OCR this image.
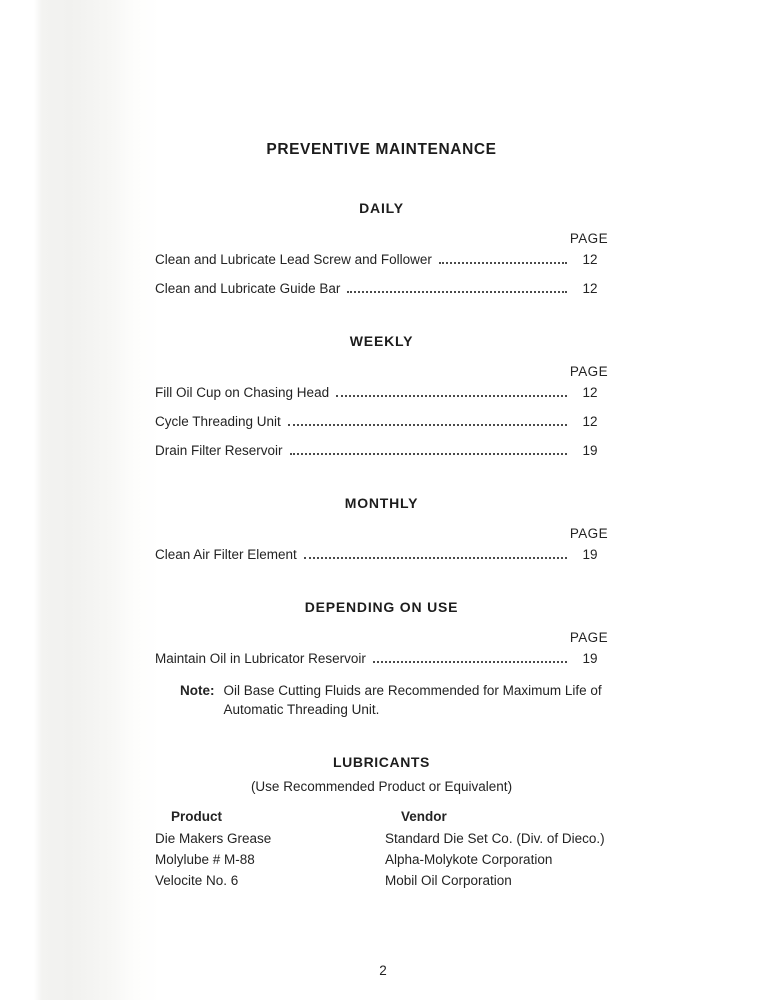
PREVENTIVE MAINTENANCE
DAILY
PAGE
Clean and Lubricate Lead Screw and Follower	12
Clean and Lubricate Guide Bar	12
WEEKLY
PAGE
Fill Oil Cup on Chasing Head	12
Cycle Threading Unit	12
Drain Filter Reservoir	19
MONTHLY
PAGE
Clean Air Filter Element	19
DEPENDING ON USE
PAGE
Maintain Oil in Lubricator Reservoir	19
Note: Oil Base Cutting Fluids are Recommended for Maximum Life of Automatic Threading Unit.
LUBRICANTS
(Use Recommended Product or Equivalent)
Product	Vendor
Die Makers Grease	Standard Die Set Co. (Div. of Dieco.)
Molylube # M-88	Alpha-Molykote Corporation
Velocite No. 6	Mobil Oil Corporation
2
